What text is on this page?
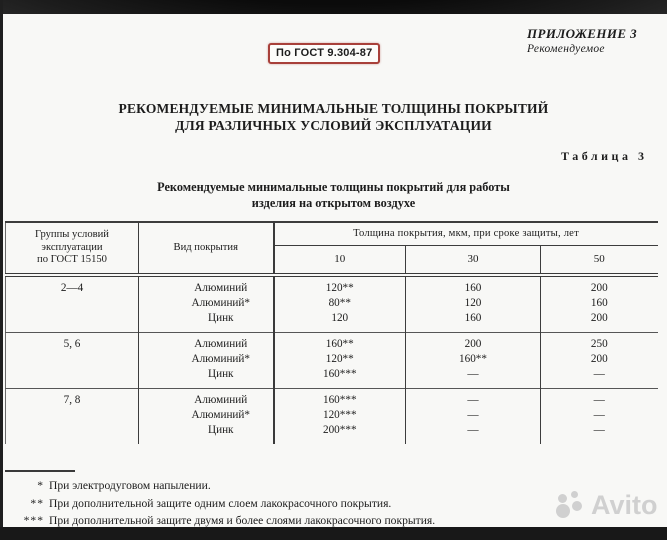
По ГОСТ 9.304-87
ПРИЛОЖЕНИЕ 3
Рекомендуемое
РЕКОМЕНДУЕМЫЕ МИНИМАЛЬНЫЕ ТОЛЩИНЫ ПОКРЫТИЙ
ДЛЯ РАЗЛИЧНЫХ УСЛОВИЙ ЭКСПЛУАТАЦИИ
Таблица 3
Рекомендуемые минимальные толщины покрытий для работы
изделия на открытом воздухе
Группы условий
эксплуатации
по ГОСТ 15150	Вид покрытия	Толщина покрытия, мкм, при сроке защиты, лет		
		10	30	50
2—4	Алюминий	120**	160	200
	Алюминий*	80**	120	160
	Цинк	120	160	200
5, 6	Алюминий	160**	200	250
	Алюминий*	120**	160**	200
	Цинк	160***	—	—
7, 8	Алюминий	160***	—	—
	Алюминий*	120***	—	—
	Цинк	200***	—	—
* При электродуговом напылении.
** При дополнительной защите одним слоем лакокрасочного покрытия.
*** При дополнительной защите двумя и более слоями лакокрасочного покрытия.
Avito
